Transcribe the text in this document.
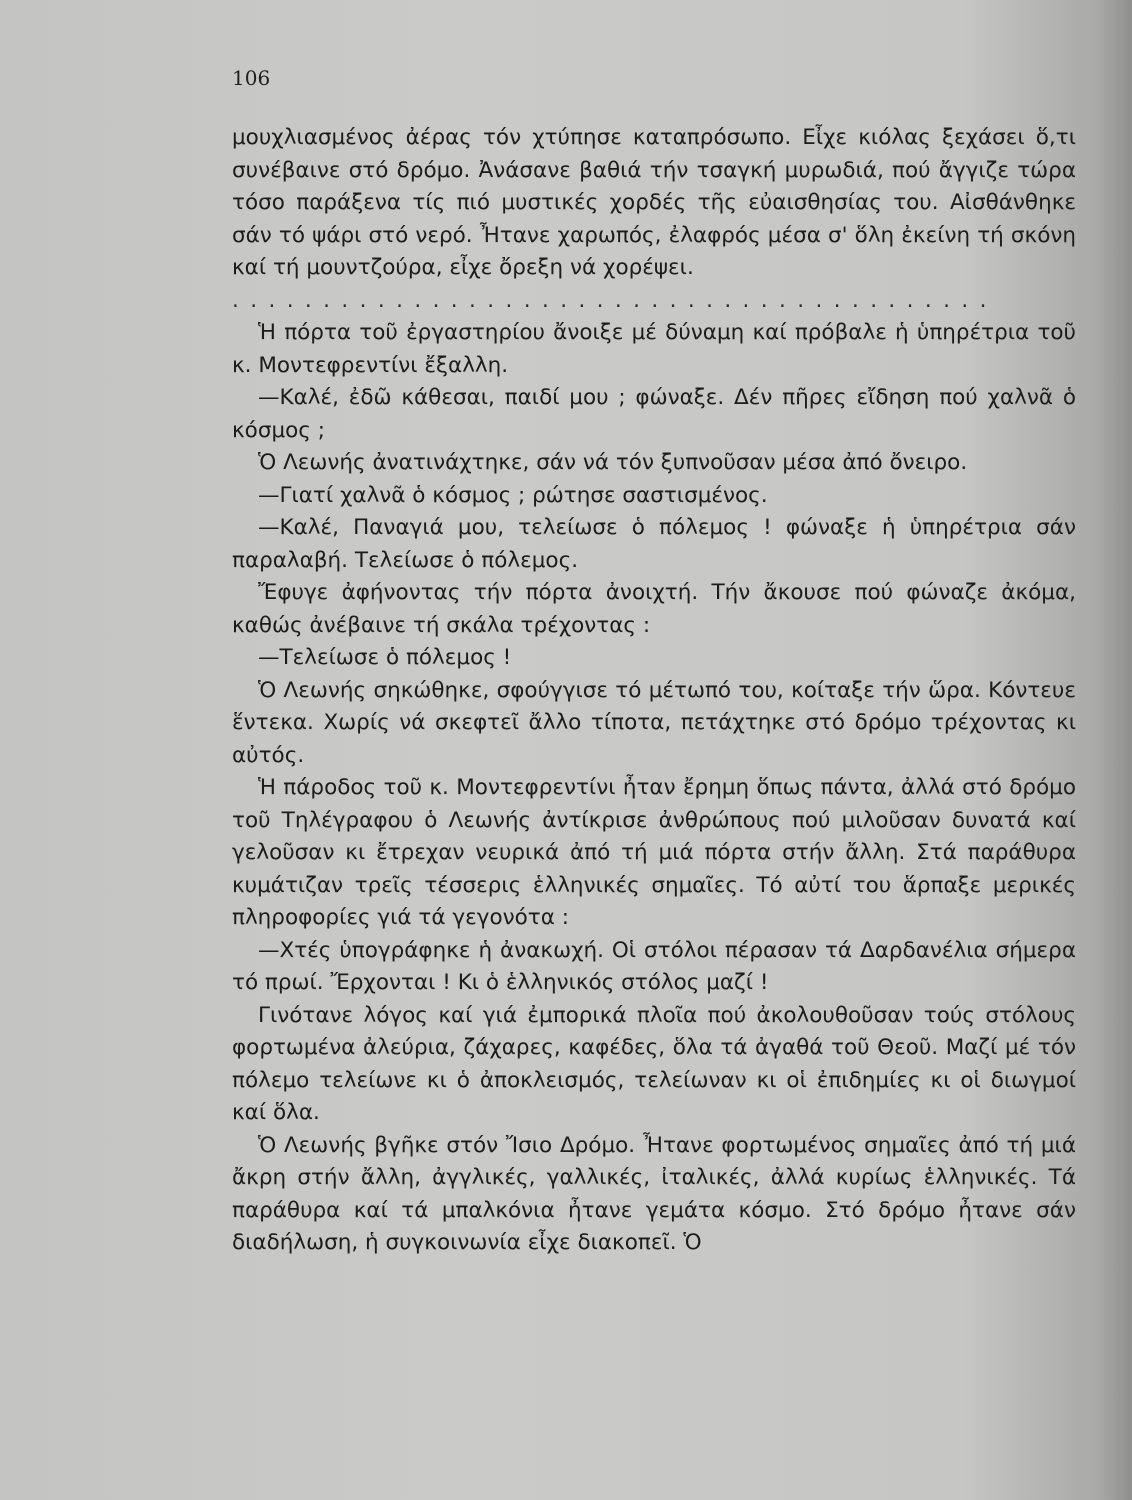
106

μουχλιασμένος ἀέρας τόν χτύπησε καταπρόσωπο. Εἶχε κιόλας ξεχάσει ὅ,τι συνέβαινε στό δρόμο. Ἀνάσανε βαθιά τήν τσαγκή μυρωδιά, πού ἄγγιζε τώρα τόσο παράξενα τίς πιό μυστικές χορδές τῆς εὐαισθησίας του. Αἰσθάνθηκε σάν τό ψάρι στό νερό. Ἦτανε χαρωπός, ἐλαφρός μέσα σ' ὅλη ἐκείνη τή σκόνη καί τή μουντζούρα, εἶχε ὄρεξη νά χορέψει.

..........................................

Ἡ πόρτα τοῦ ἐργαστηρίου ἄνοιξε μέ δύναμη καί πρόβαλε ἡ ὑπηρέτρια τοῦ κ. Μοντεφρεντίνι ἔξαλλη.

—Καλέ, ἐδῶ κάθεσαι, παιδί μου ; φώναξε. Δέν πῆρες εἴδηση πού χαλνᾶ ὁ κόσμος ;

Ὁ Λεωνής ἀνατινάχτηκε, σάν νά τόν ξυπνοῦσαν μέσα ἀπό ὄνειρο.

—Γιατί χαλνᾶ ὁ κόσμος ; ρώτησε σαστισμένος.

—Καλέ, Παναγιά μου, τελείωσε ὁ πόλεμος ! φώναξε ἡ ὑπηρέτρια σάν παραλαβή. Τελείωσε ὁ πόλεμος.

Ἔφυγε ἀφήνοντας τήν πόρτα ἀνοιχτή. Τήν ἄκουσε πού φώναζε ἀκόμα, καθώς ἀνέβαινε τή σκάλα τρέχοντας :

—Τελείωσε ὁ πόλεμος !

Ὁ Λεωνής σηκώθηκε, σφούγγισε τό μέτωπό του, κοίταξε τήν ὥρα. Κόντευε ἕντεκα. Χωρίς νά σκεφτεῖ ἄλλο τίποτα, πετάχτηκε στό δρόμο τρέχοντας κι αὐτός.

Ἡ πάροδος τοῦ κ. Μοντεφρεντίνι ἦταν ἔρημη ὅπως πάντα, ἀλλά στό δρόμο τοῦ Τηλέγραφου ὁ Λεωνής ἀντίκρισε ἀνθρώπους πού μιλοῦσαν δυνατά καί γελοῦσαν κι ἔτρεχαν νευρικά ἀπό τή μιά πόρτα στήν ἄλλη. Στά παράθυρα κυμάτιζαν τρεῖς τέσσερις ἑλληνικές σημαῖες. Τό αὐτί του ἅρπαξε μερικές πληροφορίες γιά τά γεγονότα :

—Χτές ὑπογράφηκε ἡ ἀνακωχή. Οἱ στόλοι πέρασαν τά Δαρδανέλια σήμερα τό πρωί. Ἔρχονται ! Κι ὁ ἑλληνικός στόλος μαζί !

Γινότανε λόγος καί γιά ἐμπορικά πλοῖα πού ἀκολουθοῦσαν τούς στόλους φορτωμένα ἀλεύρια, ζάχαρες, καφέδες, ὅλα τά ἀγαθά τοῦ Θεοῦ. Μαζί μέ τόν πόλεμο τελείωνε κι ὁ ἀποκλεισμός, τελείωναν κι οἱ ἐπιδημίες κι οἱ διωγμοί καί ὅλα.

Ὁ Λεωνής βγῆκε στόν Ἴσιο Δρόμο. Ἦτανε φορτωμένος σημαῖες ἀπό τή μιά ἄκρη στήν ἄλλη, ἀγγλικές, γαλλικές, ἰταλικές, ἀλλά κυρίως ἑλληνικές. Τά παράθυρα καί τά μπαλκόνια ἦτανε γεμάτα κόσμο. Στό δρόμο ἦτανε σάν διαδήλωση, ἡ συγκοινωνία εἶχε διακοπεῖ. Ὁ
